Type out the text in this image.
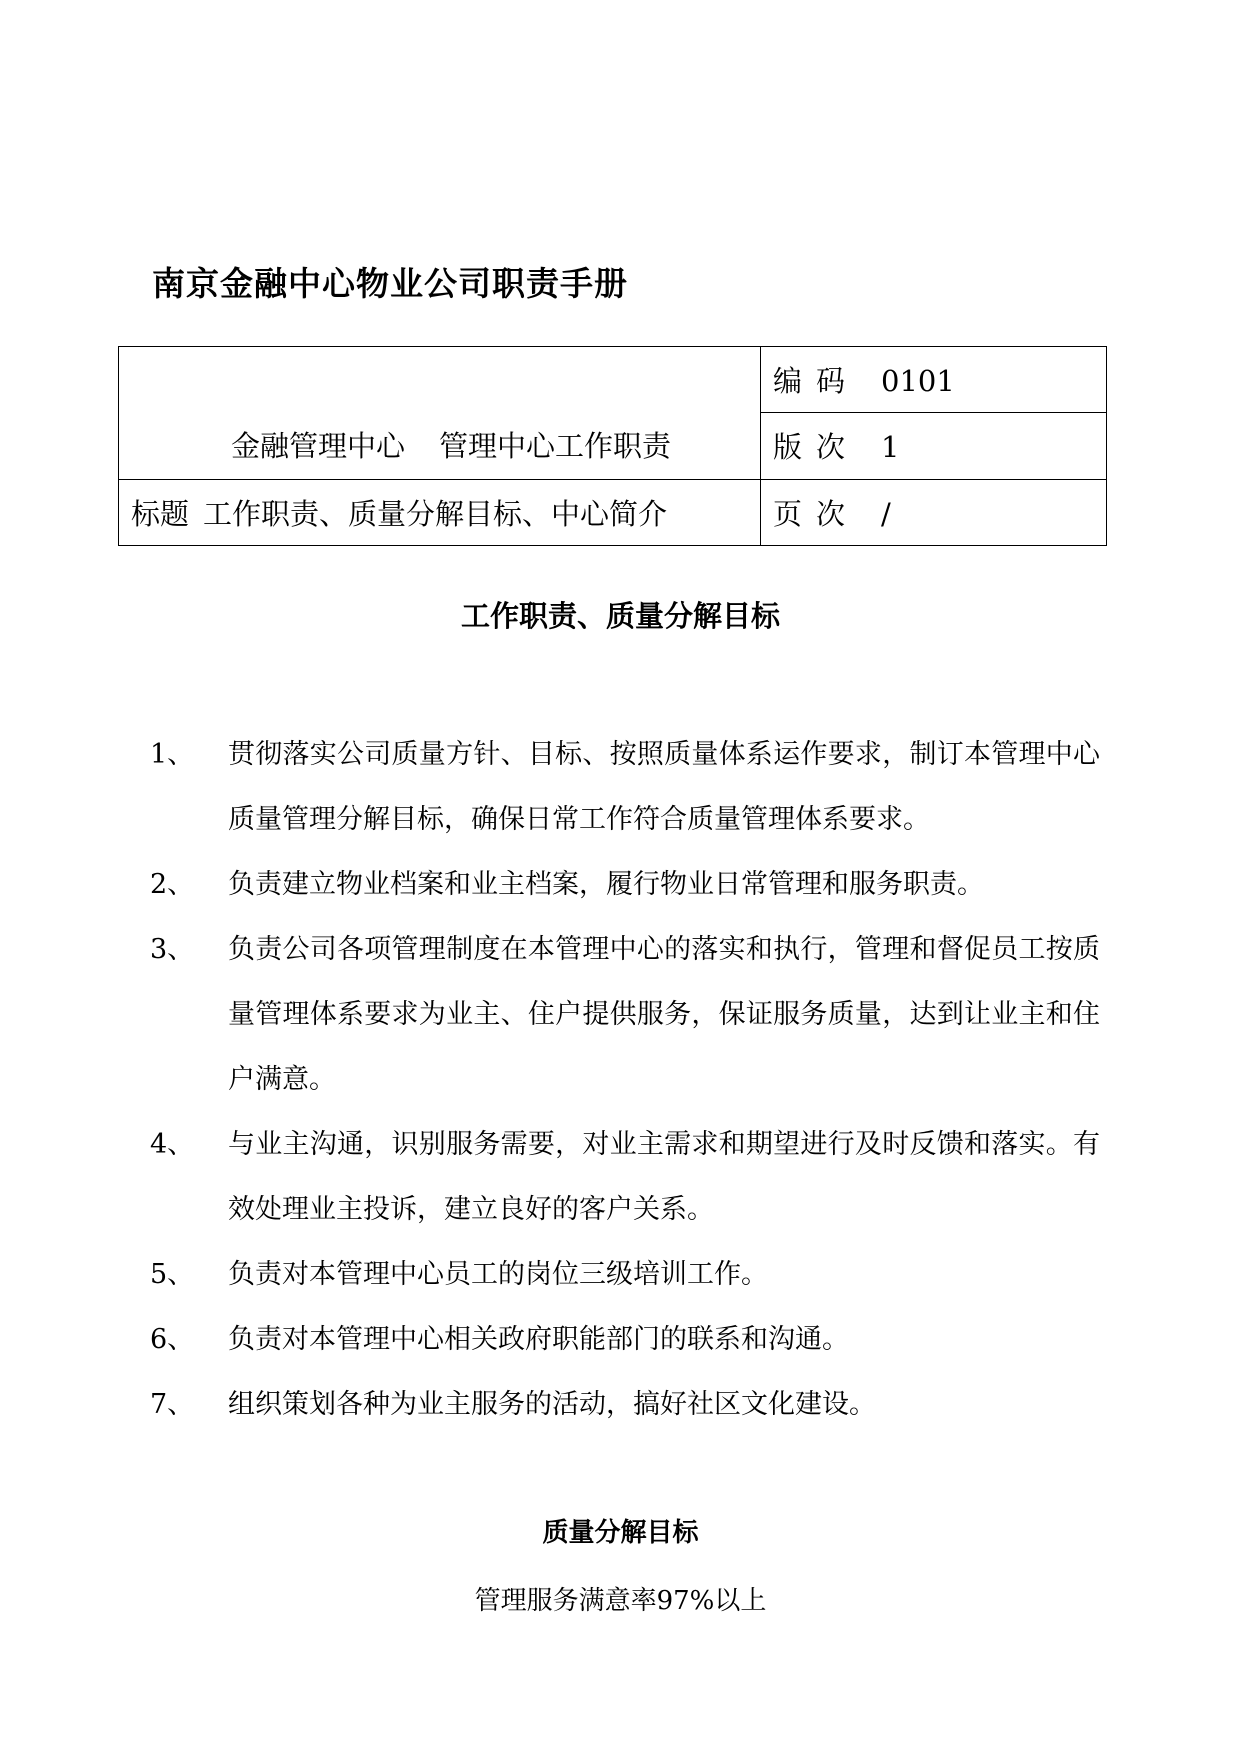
南京金融中心物业公司职责手册
金融管理中心 管理中心工作职责	编码 0101
	版次 1
标题 工作职责、质量分解目标、中心简介	页次 /
工作职责、质量分解目标
1、 贯彻落实公司质量方针、目标、按照质量体系运作要求，制订本管理中心质量管理分解目标，确保日常工作符合质量管理体系要求。
2、 负责建立物业档案和业主档案，履行物业日常管理和服务职责。
3、 负责公司各项管理制度在本管理中心的落实和执行，管理和督促员工按质量管理体系要求为业主、住户提供服务，保证服务质量，达到让业主和住户满意。
4、 与业主沟通，识别服务需要，对业主需求和期望进行及时反馈和落实。有效处理业主投诉，建立良好的客户关系。
5、 负责对本管理中心员工的岗位三级培训工作。
6、 负责对本管理中心相关政府职能部门的联系和沟通。
7、 组织策划各种为业主服务的活动，搞好社区文化建设。
质量分解目标
管理服务满意率97%以上
